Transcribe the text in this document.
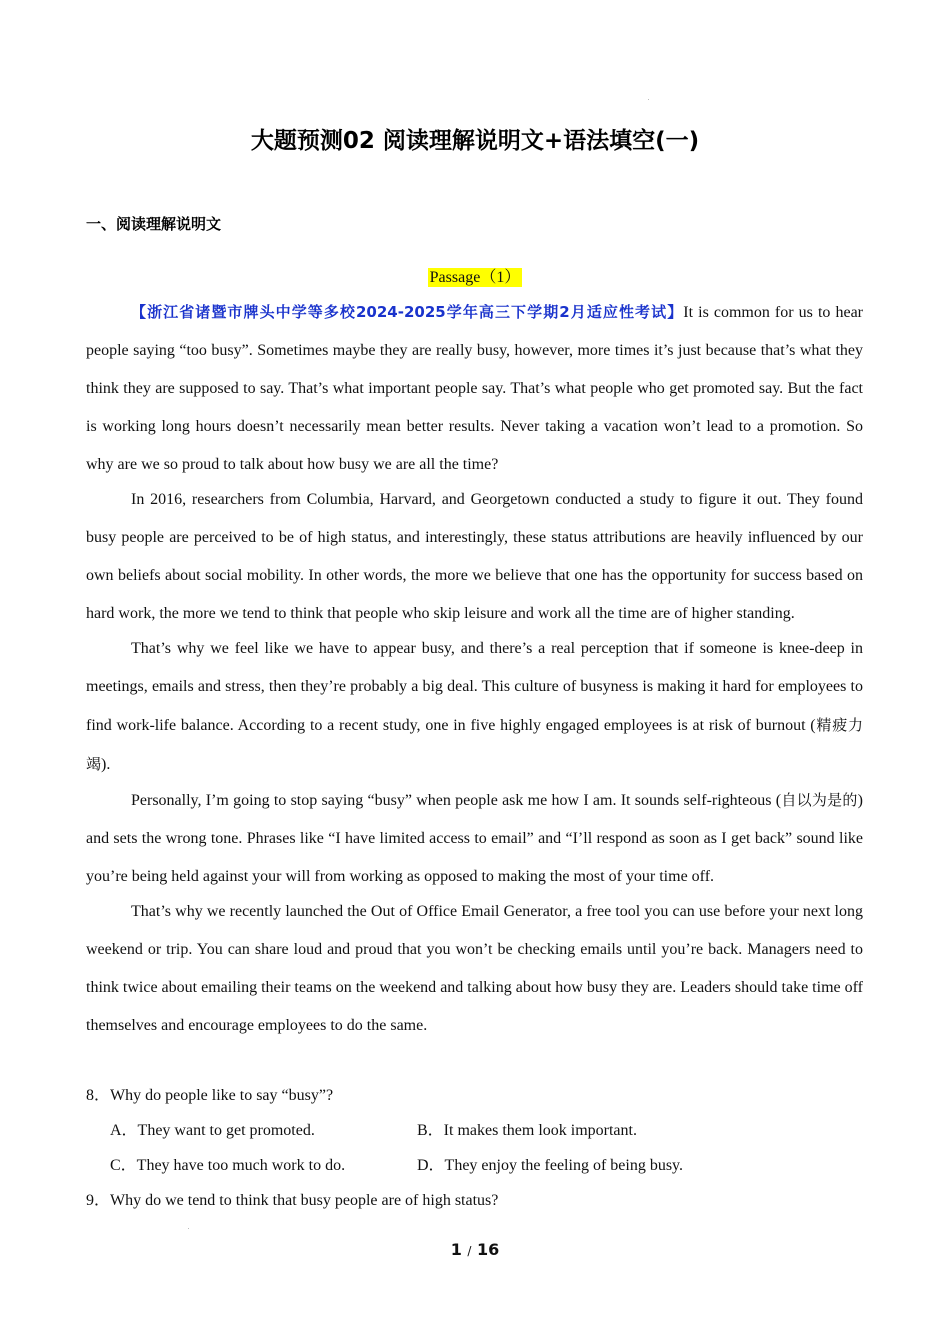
大题预测02 阅读理解说明文+语法填空(一)
一、阅读理解说明文
Passage（1）

【浙江省诸暨市牌头中学等多校2024-2025学年高三下学期2月适应性考试】It is common for us to hear people saying “too busy”. Sometimes maybe they are really busy, however, more times it’s just because that’s what they think they are supposed to say. That’s what important people say. That’s what people who get promoted say. But the fact is working long hours doesn’t necessarily mean better results. Never taking a vacation won’t lead to a promotion. So why are we so proud to talk about how busy we are all the time?

In 2016, researchers from Columbia, Harvard, and Georgetown conducted a study to figure it out. They found busy people are perceived to be of high status, and interestingly, these status attributions are heavily influenced by our own beliefs about social mobility. In other words, the more we believe that one has the opportunity for success based on hard work, the more we tend to think that people who skip leisure and work all the time are of higher standing.

That’s why we feel like we have to appear busy, and there’s a real perception that if someone is knee-deep in meetings, emails and stress, then they’re probably a big deal. This culture of busyness is making it hard for employees to find work-life balance. According to a recent study, one in five highly engaged employees is at risk of burnout (精疲力竭).

Personally, I’m going to stop saying “busy” when people ask me how I am. It sounds self-righteous (自以为是的) and sets the wrong tone. Phrases like “I have limited access to email” and “I’ll respond as soon as I get back” sound like you’re being held against your will from working as opposed to making the most of your time off.

That’s why we recently launched the Out of Office Email Generator, a free tool you can use before your next long weekend or trip. You can share loud and proud that you won’t be checking emails until you’re back. Managers need to think twice about emailing their teams on the weekend and talking about how busy they are. Leaders should take time off themselves and encourage employees to do the same.

8．Why do people like to say “busy”?
A．They want to get promoted.	B．It makes them look important.
C．They have too much work to do.	D．They enjoy the feeling of being busy.
9．Why do we tend to think that busy people are of high status?
1 / 16
